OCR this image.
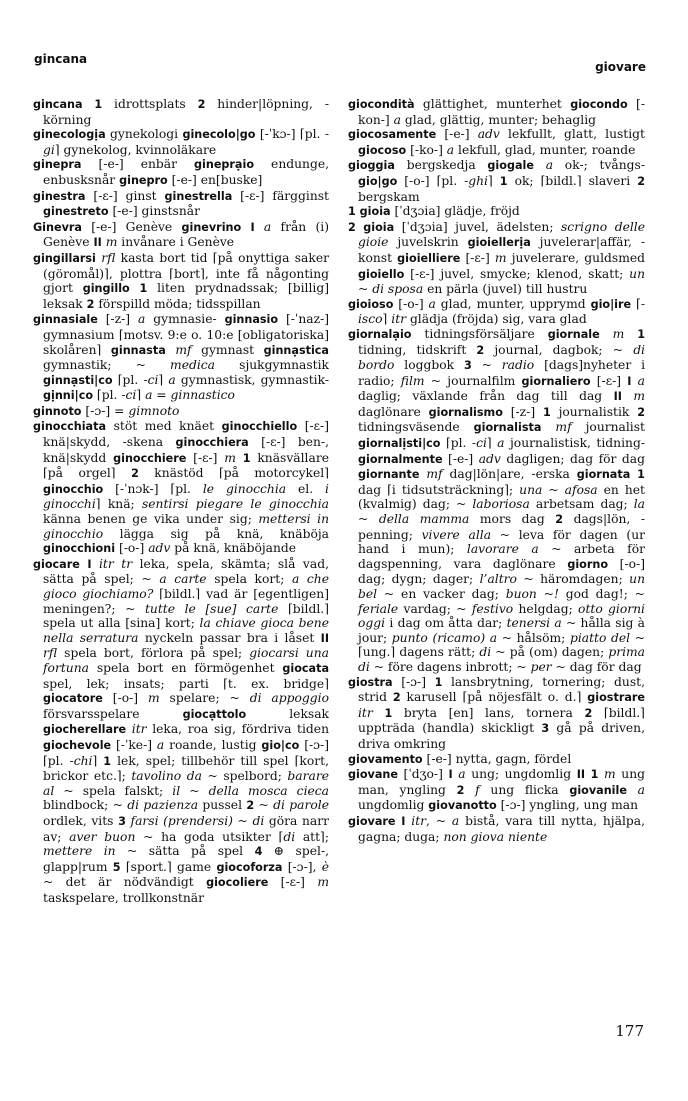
gincana
giovare

gincana 1 idrottsplats 2 hinder|löpning, -körning

ginecologịa gynekologi ginecolo|go [-ˈkɔ-] ⌈pl. -gi⌉ gynekolog, kvinnoläkare

ginepra [-e-] enbär gineprạio endunge, enbusksnår ginepro [-e-] en[buske]

ginestra [-ɛ-] ginst ginestrella [-ɛ-] färgginst ginestreto [-e-] ginstsnår

Ginevra [-e-] Genève ginevrino I a från (i) Genève II m invånare i Genève

gingillarsi rfl kasta bort tid ⌈på onyttiga saker (göromål)⌉, plottra ⌈bort⌉, inte få någonting gjort gingillo 1 liten prydnadssak; [billig] leksak 2 förspilld möda; tidsspillan

ginnasiale [-z-] a gymnasie- ginnasio [-ˈnaz-] gymnasium ⌈motsv. 9:e o. 10:e [obligatoriska] skolåren⌉ ginnasta mf gymnast ginnạstica gymnastik; ~ medica sjukgymnastik ginnạsti|co ⌈pl. -ci⌉ a gymnastisk, gymnastik- gịnni|co ⌈pl. -ci⌉ a = ginnastico

ginnoto [-ɔ-] = gimnoto

ginocchiata stöt med knäet ginocchiello [-ɛ-] knä|skydd, -skena ginocchiera [-ɛ-] ben-, knä|skydd ginocchiere [-ɛ-] m 1 knäsvällare ⌈på orgel⌉ 2 knästöd ⌈på motorcykel⌉ ginocchio [-ˈnɔk-] ⌈pl. le ginocchia el. i ginocchi⌉ knä; sentirsi piegare le ginocchia känna benen ge vika under sig; mettersi in ginocchio lägga sig på knä, knäböja ginocchioni [-o-] adv på knä, knäböjande

giocare I itr tr leka, spela, skämta; slå vad, sätta på spel; ~ a carte spela kort; a che gioco giochiamo? ⌈bildl.⌉ vad är [egentligen] meningen?; ~ tutte le [sue] carte ⌈bildl.⌉ spela ut alla [sina] kort; la chiave gioca bene nella serratura nyckeln passar bra i låset II rfl spela bort, förlora på spel; giocarsi una fortuna spela bort en förmögenhet giocata spel, lek; insats; parti ⌈t. ex. bridge⌉ giocatore [-o-] m spelare; ~ di appoggio försvarsspelare giocạttolo leksak giocherellare itr leka, roa sig, fördriva tiden giochevole [-ˈke-] a roande, lustig gio|co [-ɔ-] ⌈pl. -chi⌉ 1 lek, spel; tillbehör till spel ⌈kort, brickor etc.⌉; tavolino da ~ spelbord; barare al ~ spela falskt; il ~ della mosca cieca blindbock; ~ di pazienza pussel 2 ~ di parole ordlek, vits 3 farsi (prendersi) ~ di göra narr av; aver buon ~ ha goda utsikter ⌈di att⌉; mettere in ~ sätta på spel 4 ⊕ spel-, glapp|rum 5 ⌈sport.⌉ game giocoforza [-ɔ-], è ~ det är nödvändigt giocoliere [-ɛ-] m taskspelare, trollkonstnär

giocondità glättighet, munterhet giocondo [-kon-] a glad, glättig, munter; behaglig

giocosamente [-e-] adv lekfullt, glatt, lustigt giocoso [-ko-] a lekfull, glad, munter, roande

gioggia bergskedja giogale a ok-; tvångs- gio|go [-o-] ⌈pl. -ghi⌉ 1 ok; ⌈bildl.⌉ slaveri 2 bergskam

1 gioia [ˈdʒɔia] glädje, fröjd

2 gioia [ˈdʒɔia] juvel, ädelsten; scrigno delle gioie juvelskrin gioiellerịa juvelerar|affär, -konst gioielliere [-ɛ-] m juvelerare, guldsmed gioiello [-ɛ-] juvel, smycke; klenod, skatt; un ~ di sposa en pärla (juvel) till hustru

gioioso [-o-] a glad, munter, upprymd gio|ire ⌈-isco⌉ itr glädja (fröjda) sig, vara glad

giornalạio tidningsförsäljare giornale m 1 tidning, tidskrift 2 journal, dagbok; ~ di bordo loggbok 3 ~ radio [dags]nyheter i radio; film ~ journalfilm giornaliero [-ɛ-] I a daglig; växlande från dag till dag II m daglönare giornalismo [-z-] 1 journalistik 2 tidningsväsende giornalista mf journalist giornalịsti|co ⌈pl. -ci⌉ a journalistisk, tidning- giornalmente [-e-] adv dagligen; dag för dag giornante mf dag|lön|are, -erska giornata 1 dag ⌈i tidsutsträckning⌉; una ~ afosa en het (kvalmig) dag; ~ laboriosa arbetsam dag; la ~ della mamma mors dag 2 dags|lön, -penning; vivere alla ~ leva för dagen (ur hand i mun); lavorare a ~ arbeta för dagspenning, vara daglönare giorno [-o-] dag; dygn; dager; l’altro ~ häromdagen; un bel ~ en vacker dag; buon ~! god dag!; ~ feriale vardag; ~ festivo helgdag; otto giorni oggi i dag om åtta dar; tenersi a ~ hålla sig à jour; punto (ricamo) a ~ hålsöm; piatto del ~ ⌈ung.⌉ dagens rätt; di ~ på (om) dagen; prima di ~ före dagens inbrott; ~ per ~ dag för dag

giostra [-ɔ-] 1 lansbrytning, tornering; dust, strid 2 karusell ⌈på nöjesfält o. d.⌉ giostrare itr 1 bryta [en] lans, tornera 2 ⌈bildl.⌉ uppträda (handla) skickligt 3 gå på driven, driva omkring

giovamento [-e-] nytta, gagn, fördel

giovane [ˈdʒo-] I a ung; ungdomlig II 1 m ung man, yngling 2 f ung flicka giovanile a ungdomlig giovanotto [-ɔ-] yngling, ung man

giovare I itr, ~ a bistå, vara till nytta, hjälpa, gagna; duga; non giova niente

177
